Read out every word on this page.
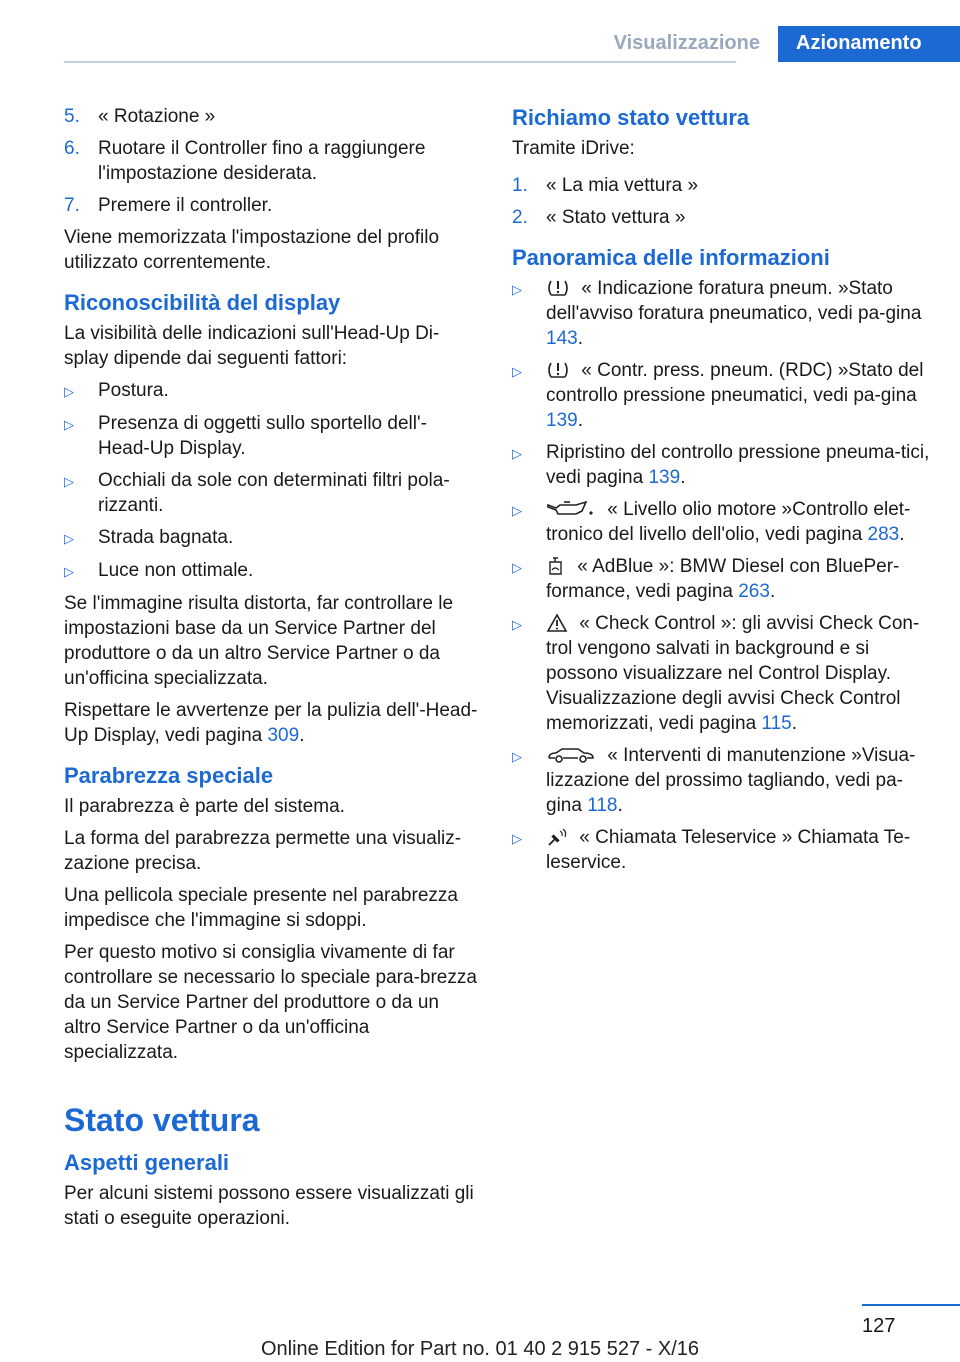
Visualizzazione	Azionamento
5. « Rotazione »
6. Ruotare il Controller fino a raggiungere l'impostazione desiderata.
7. Premere il controller.

Viene memorizzata l'impostazione del profilo utilizzato correntemente.

Riconoscibilità del display

La visibilità delle indicazioni sull'Head-Up Di‐splay dipende dai seguenti fattori:

▷	Postura.
▷	Presenza di oggetti sullo sportello dell'‐Head-Up Display.
▷	Occhiali da sole con determinati filtri pola‐rizzanti.
▷	Strada bagnata.
▷	Luce non ottimale.

Se l'immagine risulta distorta, far controllare le impostazioni base da un Service Partner del produttore o da un altro Service Partner o da un'officina specializzata.

Rispettare le avvertenze per la pulizia dell'‐Head-Up Display, vedi pagina 309.

Parabrezza speciale

Il parabrezza è parte del sistema.

La forma del parabrezza permette una visualiz‐zazione precisa.

Una pellicola speciale presente nel parabrezza impedisce che l'immagine si sdoppi.

Per questo motivo si consiglia vivamente di far controllare se necessario lo speciale para‐brezza da un Service Partner del produttore o da un altro Service Partner o da un'officina specializzata.

Stato vettura
Aspetti generali

Per alcuni sistemi possono essere visualizzati gli stati o eseguite operazioni.

Richiamo stato vettura

Tramite iDrive:

1. « La mia vettura »
2. « Stato vettura »
Panoramica delle informazioni
▷	« Indicazione foratura pneum. »Stato dell'avviso foratura pneumatico, vedi pa‐gina 143.
▷	« Contr. press. pneum. (RDC) »Stato del controllo pressione pneumatici, vedi pa‐gina 139.
▷	Ripristino del controllo pressione pneuma‐tici, vedi pagina 139.
▷	« Livello olio motore »Controllo elet‐tronico del livello dell'olio, vedi pagina 283.
▷	« AdBlue »: BMW Diesel con BluePer‐formance, vedi pagina 263.
▷	« Check Control »: gli avvisi Check Con‐trol vengono salvati in background e si possono visualizzare nel Control Display. Visualizzazione degli avvisi Check Control memorizzati, vedi pagina 115.
▷	« Interventi di manutenzione »Visua‐lizzazione del prossimo tagliando, vedi pa‐gina 118.
▷	« Chiamata Teleservice » Chiamata Te‐leservice.
127
Online Edition for Part no. 01 40 2 915 527 - X/16
